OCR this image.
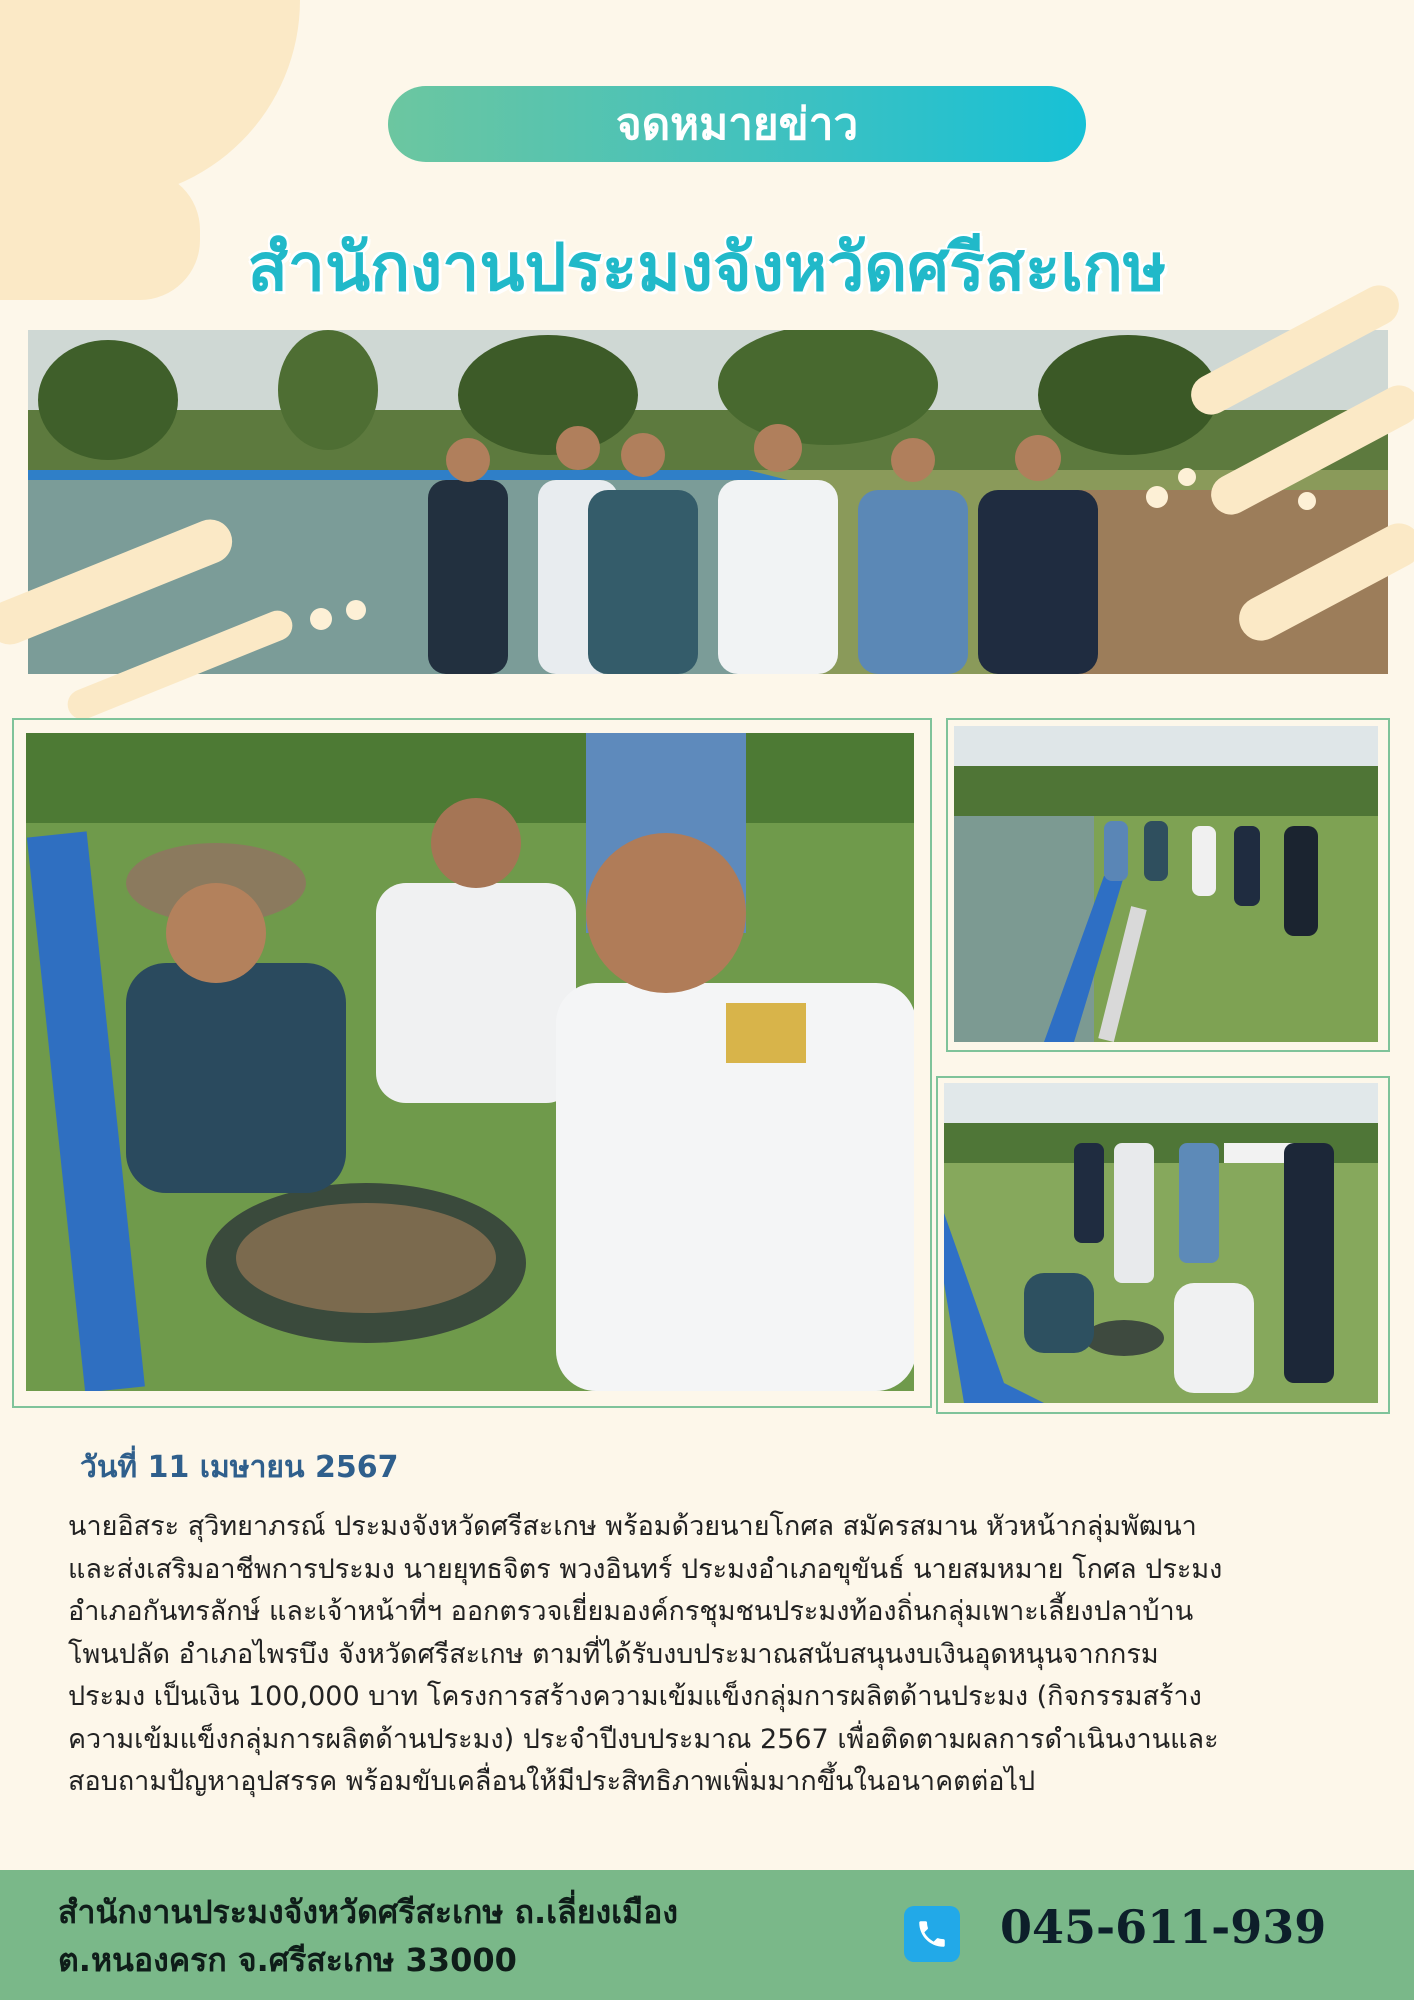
จดหมายข่าว
สำนักงานประมงจังหวัดศรีสะเกษ
วันที่ 11 เมษายน 2567
นายอิสระ สุวิทยาภรณ์ ประมงจังหวัดศรีสะเกษ พร้อมด้วยนายโกศล สมัครสมาน หัวหน้ากลุ่มพัฒนา
และส่งเสริมอาชีพการประมง นายยุทธจิตร พวงอินทร์ ประมงอำเภอขุขันธ์ นายสมหมาย โกศล ประมง
อำเภอกันทรลักษ์ และเจ้าหน้าที่ฯ ออกตรวจเยี่ยมองค์กรชุมชนประมงท้องถิ่นกลุ่มเพาะเลี้ยงปลาบ้าน
โพนปลัด อำเภอไพรบึง จังหวัดศรีสะเกษ ตามที่ได้รับงบประมาณสนับสนุนงบเงินอุดหนุนจากกรม
ประมง เป็นเงิน 100,000 บาท โครงการสร้างความเข้มแข็งกลุ่มการผลิตด้านประมง (กิจกรรมสร้าง
ความเข้มแข็งกลุ่มการผลิตด้านประมง) ประจำปีงบประมาณ 2567 เพื่อติดตามผลการดำเนินงานและ
สอบถามปัญหาอุปสรรค พร้อมขับเคลื่อนให้มีประสิทธิภาพเพิ่มมากขึ้นในอนาคตต่อไป
สำนักงานประมงจังหวัดศรีสะเกษ ถ.เลี่ยงเมือง
ต.หนองครก จ.ศรีสะเกษ 33000
045-611-939
